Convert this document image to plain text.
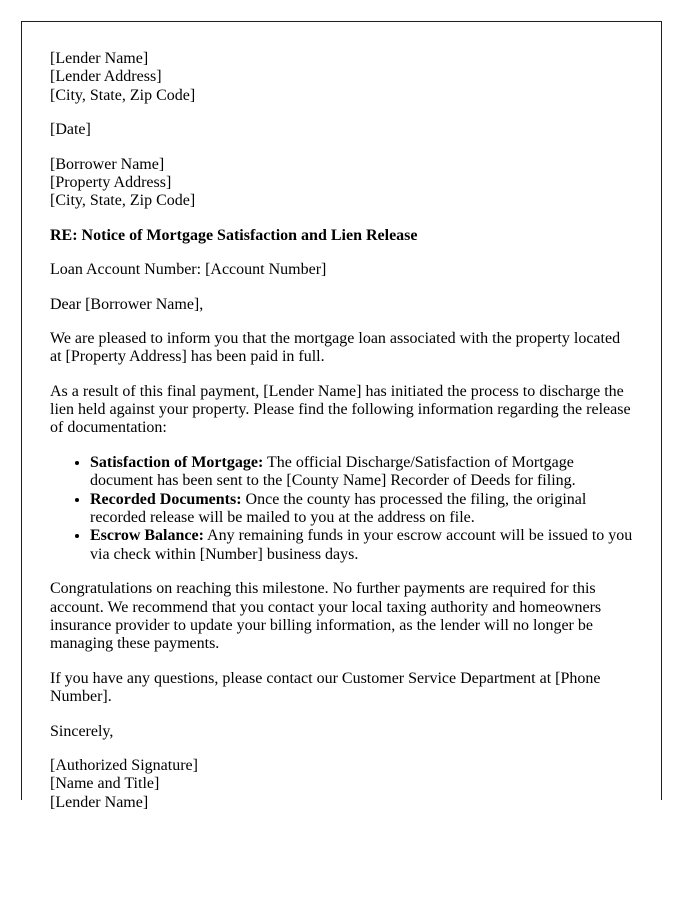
[Lender Name]
[Lender Address]
[City, State, Zip Code]

[Date]

[Borrower Name]
[Property Address]
[City, State, Zip Code]

RE: Notice of Mortgage Satisfaction and Lien Release

Loan Account Number: [Account Number]

Dear [Borrower Name],

We are pleased to inform you that the mortgage loan associated with the property located at [Property Address] has been paid in full.

As a result of this final payment, [Lender Name] has initiated the process to discharge the lien held against your property. Please find the following information regarding the release of documentation:

• Satisfaction of Mortgage: The official Discharge/Satisfaction of Mortgage document has been sent to the [County Name] Recorder of Deeds for filing.
• Recorded Documents: Once the county has processed the filing, the original recorded release will be mailed to you at the address on file.
• Escrow Balance: Any remaining funds in your escrow account will be issued to you via check within [Number] business days.

Congratulations on reaching this milestone. No further payments are required for this account. We recommend that you contact your local taxing authority and homeowners insurance provider to update your billing information, as the lender will no longer be managing these payments.

If you have any questions, please contact our Customer Service Department at [Phone Number].

Sincerely,

[Authorized Signature]
[Name and Title]
[Lender Name]
